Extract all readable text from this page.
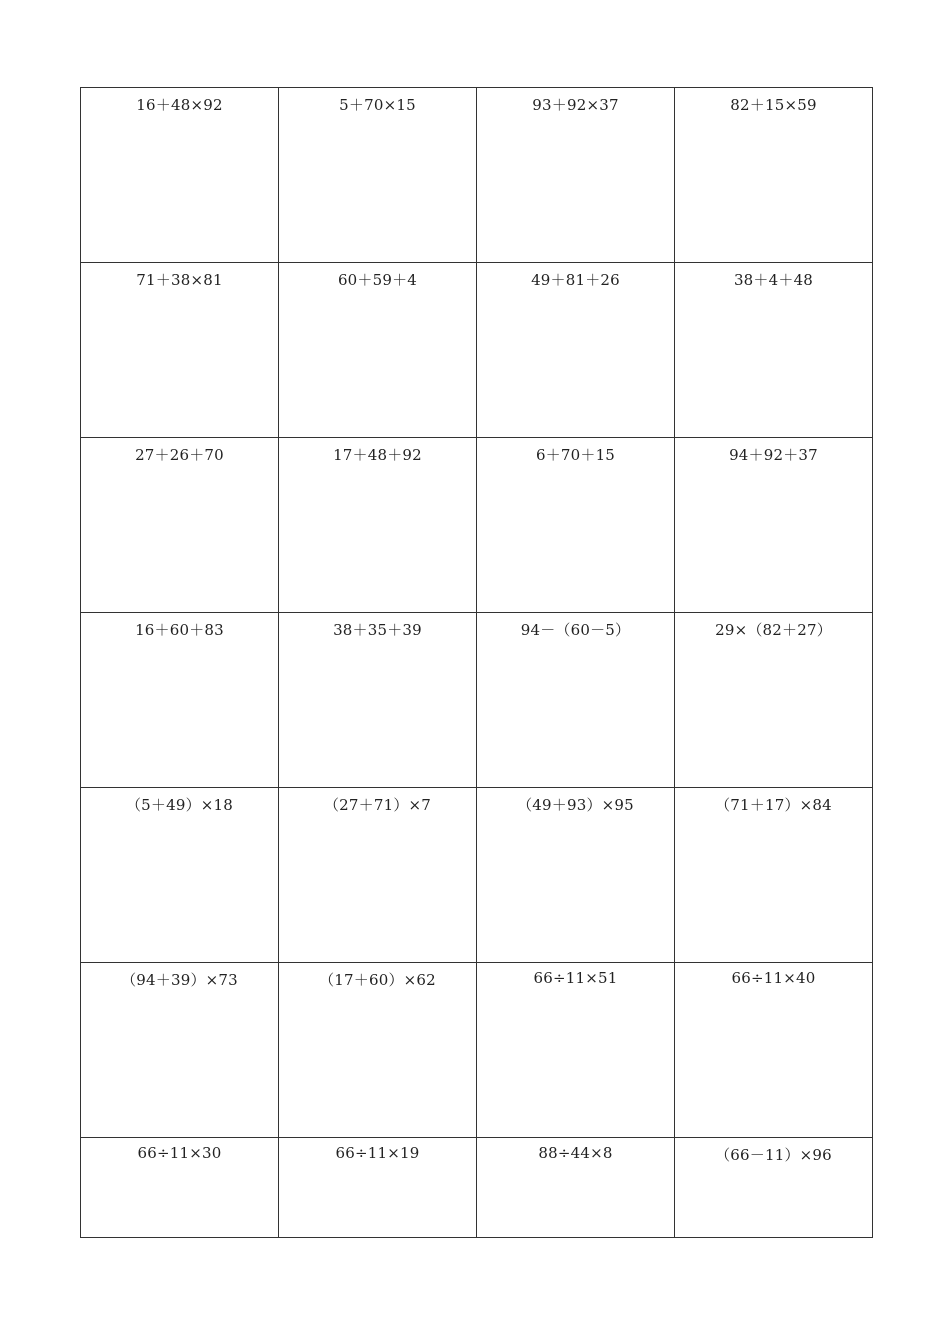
16＋48×92	5＋70×15	93＋92×37	82＋15×59

71＋38×81	60＋59＋4	49＋81＋26	38＋4＋48

27＋26＋70	17＋48＋92	6＋70＋15	94＋92＋37

16＋60＋83	38＋35＋39	94－（60－5）	29×（82＋27）

（5＋49）×18	（27＋71）×7	（49＋93）×95	（71＋17）×84

（94＋39）×73	（17＋60）×62	66÷11×51	66÷11×40

66÷11×30	66÷11×19	88÷44×8	（66－11）×96
